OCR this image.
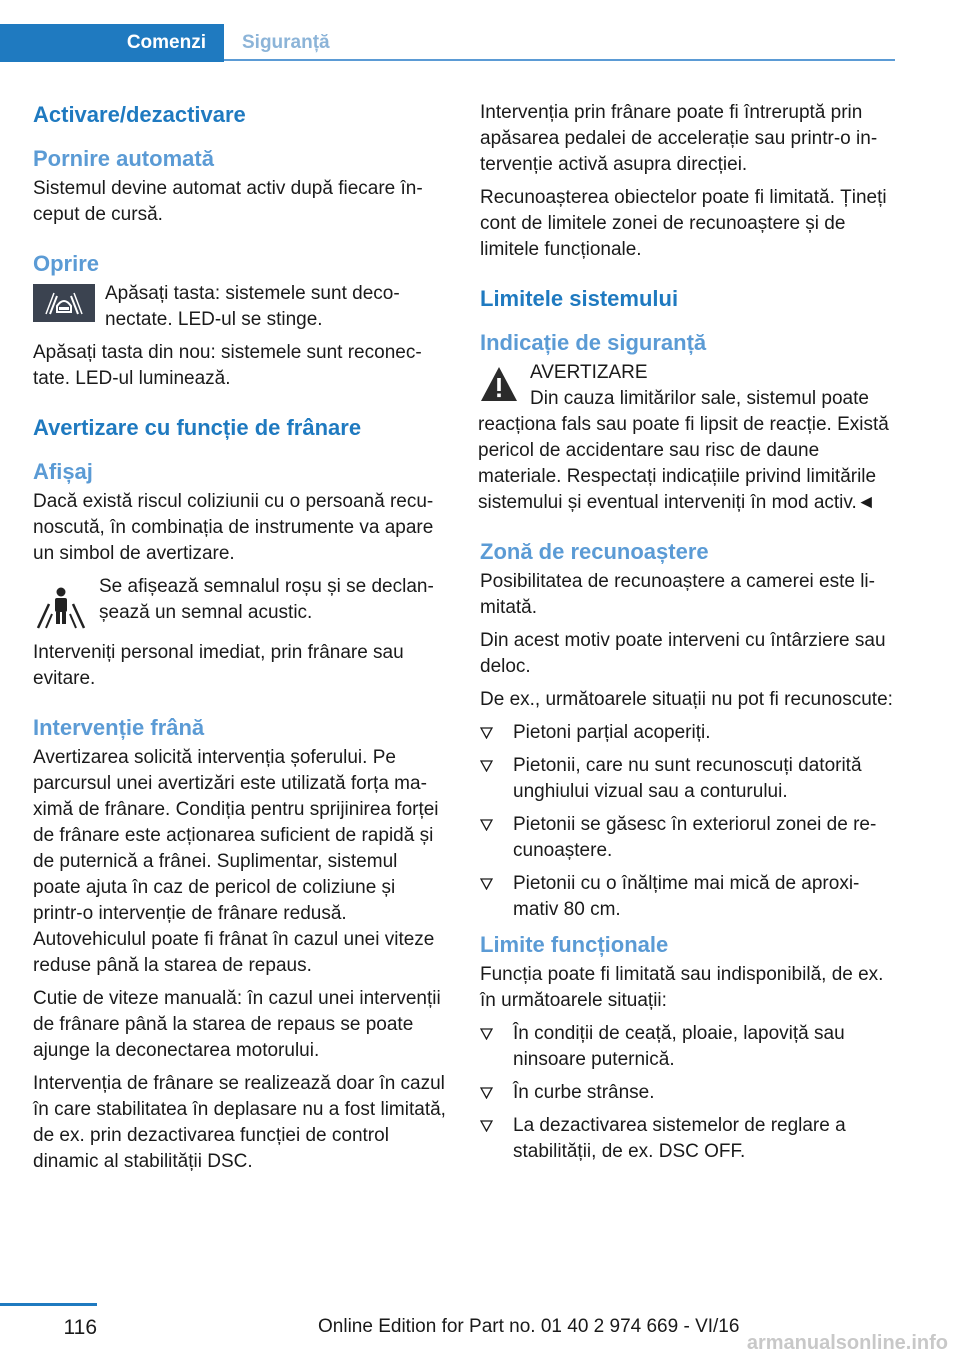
Comenzi	Siguranță
Activare/dezactivare
Pornire automată

Sistemul devine automat activ după fiecare început de cursă.

Oprire
Apăsați tasta: sistemele sunt deconectate. LED-ul se stinge.

Apăsați tasta din nou: sistemele sunt reconectate. LED-ul luminează.

Avertizare cu funcție de frânare
Afișaj

Dacă există riscul coliziunii cu o persoană recunoscută, în combinația de instrumente va apare un simbol de avertizare.

Se afișează semnalul roșu și se declanșează un semnal acustic.

Interveniți personal imediat, prin frânare sau evitare.

Intervenție frână

Avertizarea solicită intervenția șoferului. Pe parcursul unei avertizări este utilizată forța maximă de frânare. Condiția pentru sprijinirea forței de frânare este acționarea suficient de rapidă și de puternică a frânei. Suplimentar, sistemul poate ajuta în caz de pericol de coliziune și printr-o intervenție de frânare redusă. Autovehiculul poate fi frânat în cazul unei viteze reduse până la starea de repaus.

Cutie de viteze manuală: în cazul unei intervenții de frânare până la starea de repaus se poate ajunge la deconectarea motorului.

Intervenția de frânare se realizează doar în cazul în care stabilitatea în deplasare nu a fost limitată, de ex. prin dezactivarea funcției de control dinamic al stabilității DSC.

Intervenția prin frânare poate fi întreruptă prin apăsarea pedalei de accelerație sau printr-o intervenție activă asupra direcției.

Recunoașterea obiectelor poate fi limitată. Țineți cont de limitele zonei de recunoaștere și de limitele funcționale.

Limitele sistemului
Indicație de siguranță
AVERTIZARE
Din cauza limitărilor sale, sistemul poate

reacționa fals sau poate fi lipsit de reacție. Există pericol de accidentare sau risc de daune materiale. Respectați indicațiile privind limitările sistemului și eventual interveniți în mod activ.◄

Zonă de recunoaștere

Posibilitatea de recunoaștere a camerei este limitată.

Din acest motiv poate interveni cu întârziere sau deloc.

De ex., următoarele situații nu pot fi recunoscute:

Pietoni parțial acoperiți.
Pietonii, care nu sunt recunoscuți datorită unghiului vizual sau a conturului.
Pietonii se găsesc în exteriorul zonei de recunoaștere.
Pietonii cu o înălțime mai mică de aproximativ 80 cm.
Limite funcționale

Funcția poate fi limitată sau indisponibilă, de ex. în următoarele situații:

În condiții de ceață, ploaie, lapoviță sau ninsoare puternică.
În curbe strânse.
La dezactivarea sistemelor de reglare a stabilității, de ex. DSC OFF.
116	Online Edition for Part no. 01 40 2 974 669 - VI/16
armanualsonline.info
